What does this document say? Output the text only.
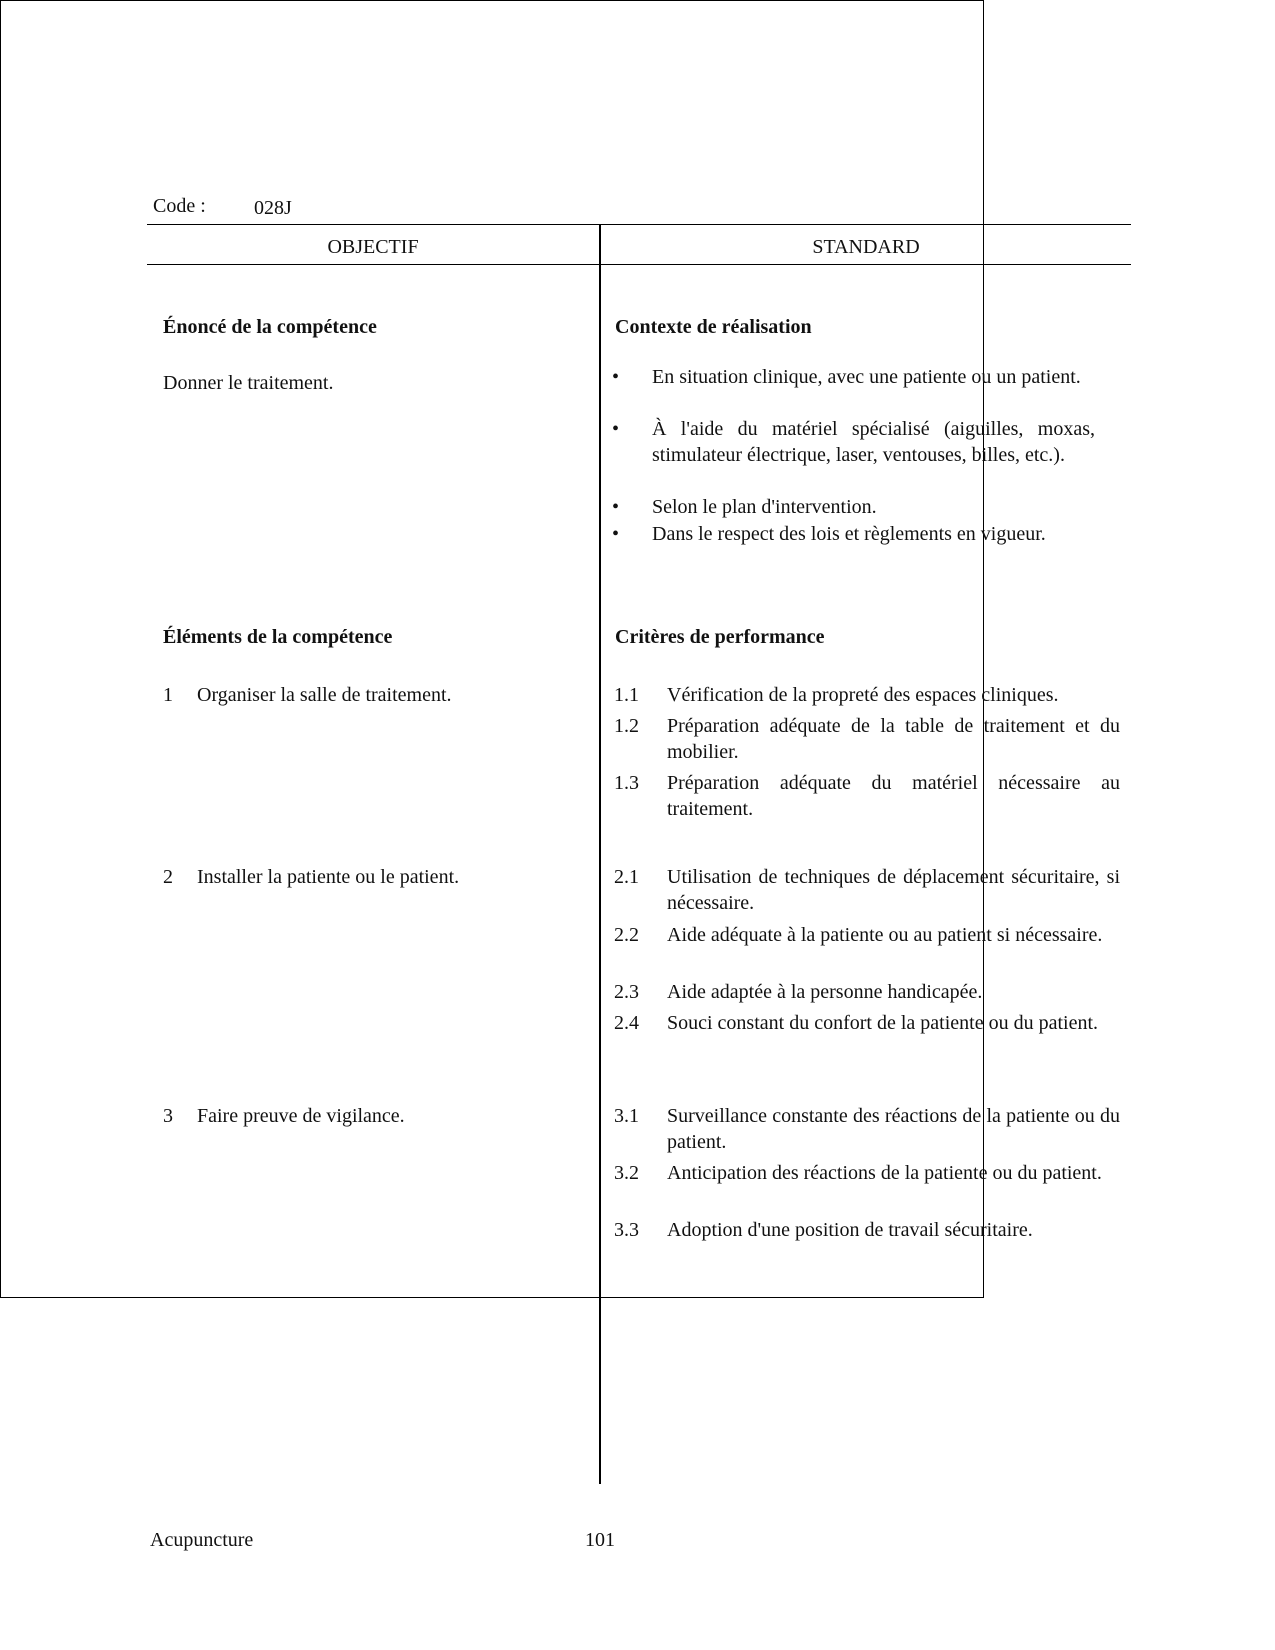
Code : 028J
OBJECTIF	STANDARD
Énoncé de la compétence
Donner le traitement.
Éléments de la compétence
1 Organiser la salle de traitement.
2 Installer la patiente ou le patient.
3 Faire preuve de vigilance.
Contexte de réalisation
•
En situation clinique, avec une patiente ou un patient.
•
À l'aide du matériel spécialisé (aiguilles, moxas, stimulateur électrique, laser, ventouses, billes, etc.).
•
Selon le plan d'intervention.
•
Dans le respect des lois et règlements en vigueur.
Critères de performance
1.1 Vérification de la propreté des espaces cliniques.
1.2 Préparation adéquate de la table de traitement et du mobilier.
1.3 Préparation adéquate du matériel nécessaire au traitement.
2.1 Utilisation de techniques de déplacement sécuritaire, si nécessaire.
2.2 Aide adéquate à la patiente ou au patient si nécessaire.
2.3 Aide adaptée à la personne handicapée.
2.4 Souci constant du confort de la patiente ou du patient.
3.1 Surveillance constante des réactions de la patiente ou du patient.
3.2 Anticipation des réactions de la patiente ou du patient.
3.3 Adoption d'une position de travail sécuritaire.
Acupuncture	101
